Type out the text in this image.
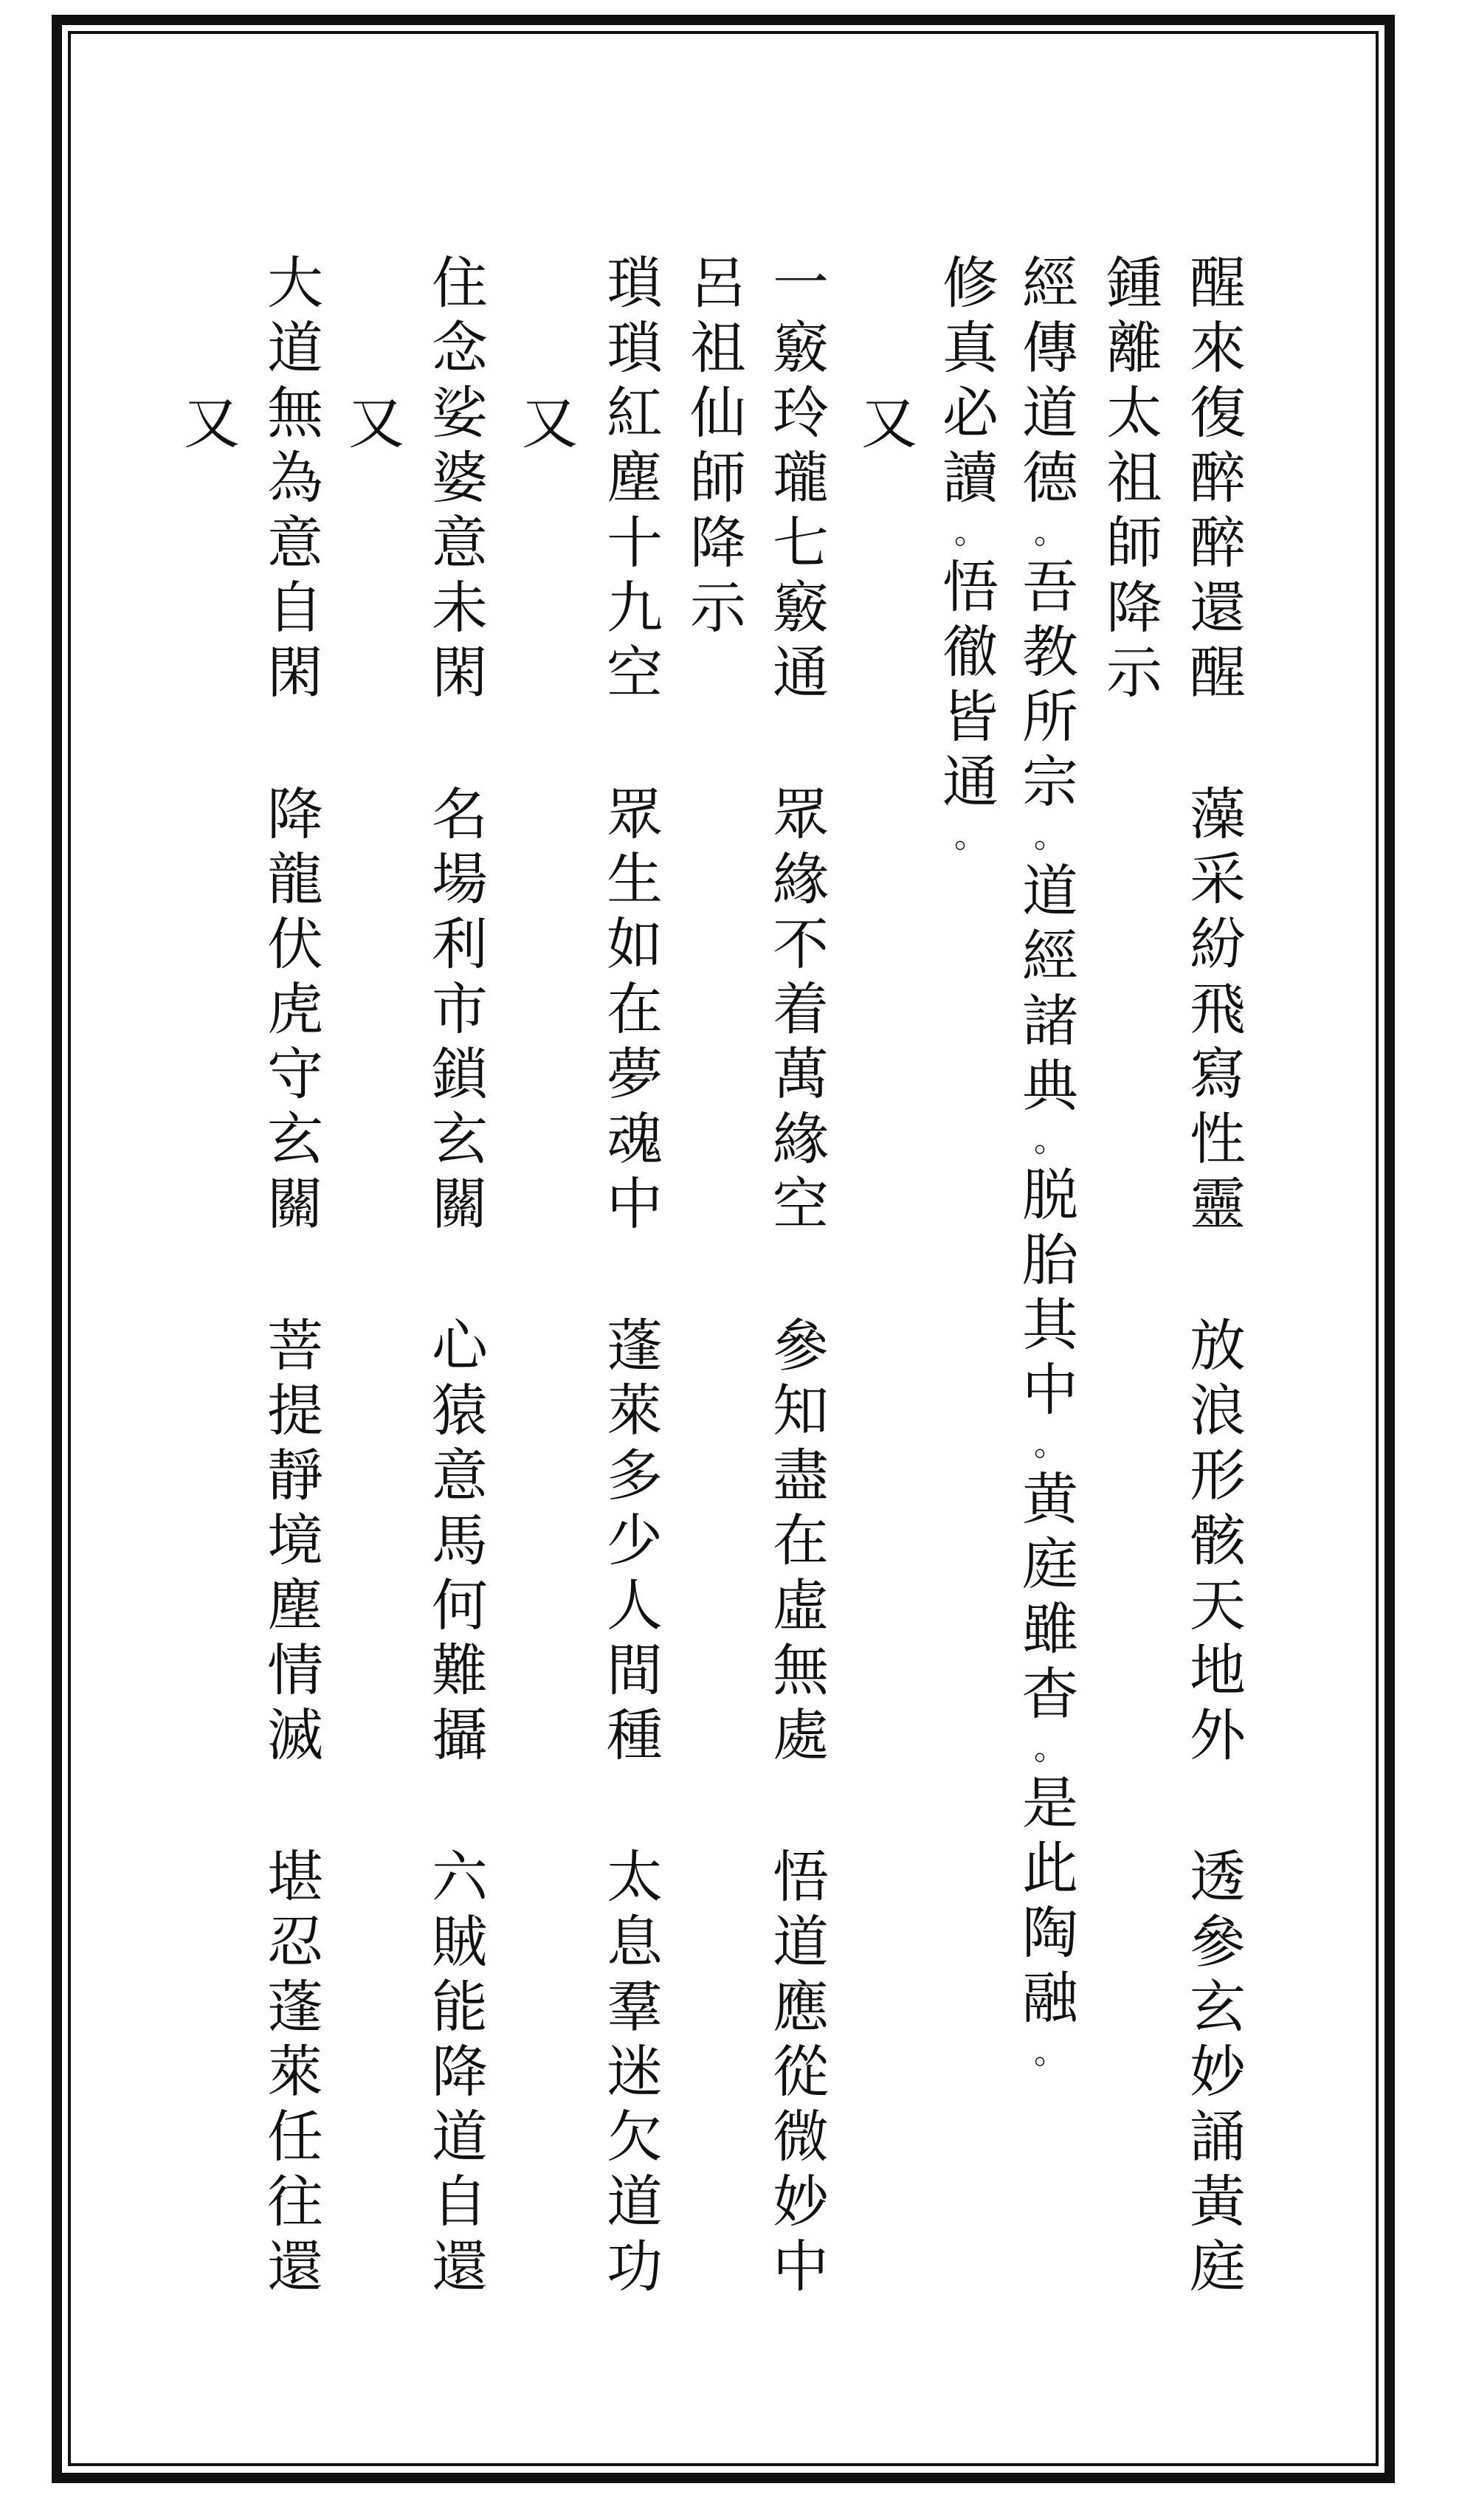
醒
來
復
醉
醉
還
醒
藻
采
紛
飛
寫
性
靈
放
浪
形
骸
天
地
外
透
參
玄
妙
誦
黃
庭
鍾
離
太
祖
師
降
示
經
傳
道
德
。
吾
教
所
宗
。
道
經
諸
典
。
脱
胎
其
中
。
黄
庭
雖
杳
。
是
此
陶
融
。
修
真
必
讀
。
悟
徹
皆
通
。
又
一
竅
玲
瓏
七
竅
通
眾
緣
不
着
萬
緣
空
參
知
盡
在
虛
無
處
悟
道
應
從
微
妙
中
呂
祖
仙
師
降
示
瑣
瑣
紅
塵
十
九
空
眾
生
如
在
夢
魂
中
蓬
萊
多
少
人
間
種
太
息
羣
迷
欠
道
功
又
住
念
娑
婆
意
未
閑
名
場
利
市
鎖
玄
關
心
猿
意
馬
何
難
攝
六
賊
能
降
道
自
還
又
大
道
無
為
意
自
閑
降
龍
伏
虎
守
玄
關
菩
提
靜
境
塵
情
滅
堪
忍
蓬
萊
任
往
還
又
